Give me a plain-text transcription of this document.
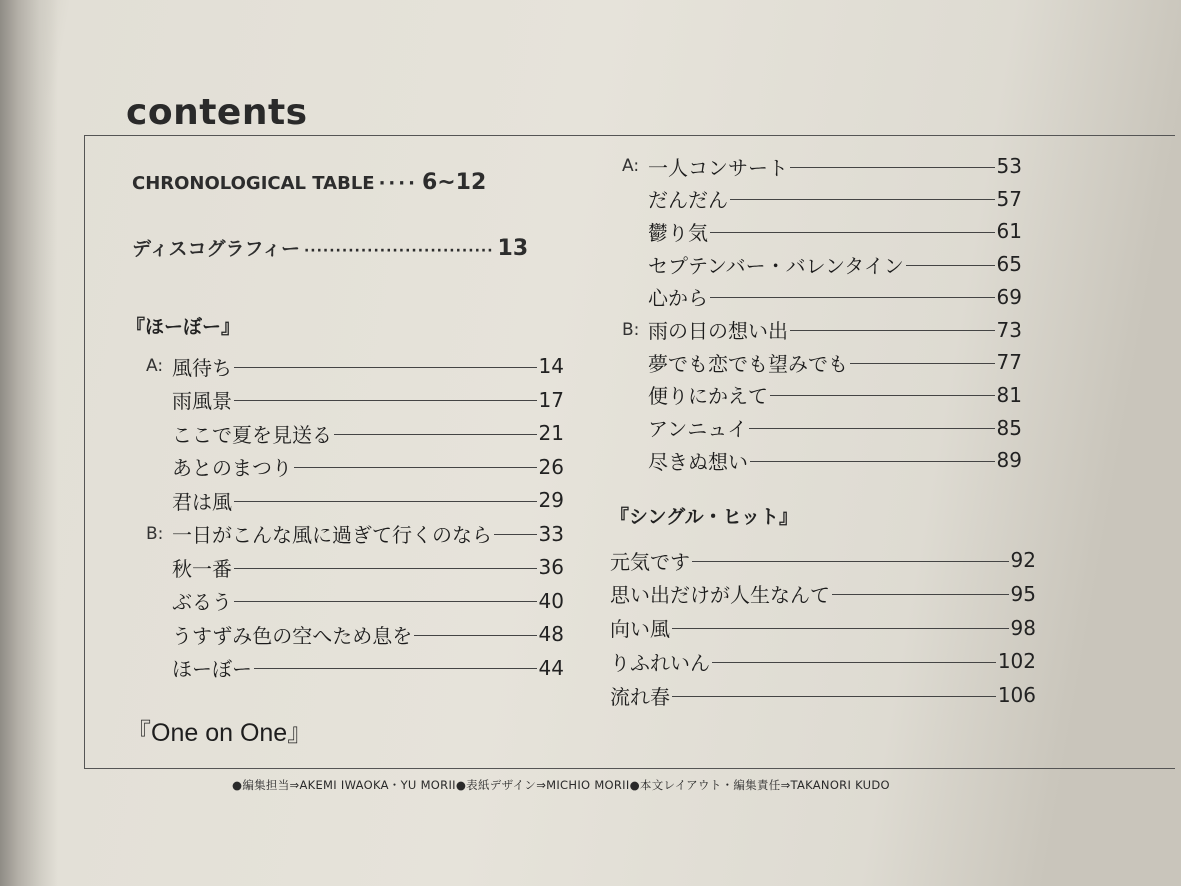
contents
CHRONOLOGICAL TABLE ···· 6~12
ディスコグラフィー ······························ 13
『ほーぼー』
A: 風待ち	14
雨風景	17
ここで夏を見送る	21
あとのまつり	26
君は風	29
B: 一日がこんな風に過ぎて行くのなら 33
秋一番	36
ぶるう	40
うすずみ色の空へため息を	48
ほーぼー	44
『One on One』
A: 一人コンサート	53
だんだん	57
鬱り気	61
セプテンバー・バレンタイン	65
心から	69
B: 雨の日の想い出	73
夢でも恋でも望みでも	77
便りにかえて	81
アンニュイ	85
尽きぬ想い	89
『シングル・ヒット』
元気です	92
思い出だけが人生なんて	95
向い風	98
りふれいん	102
流れ春	106
●編集担当⇒AKEMI IWAOKA・YU MORII●表紙デザイン⇒MICHIO MORII●本文レイアウト・編集責任⇒TAKANORI KUDO
